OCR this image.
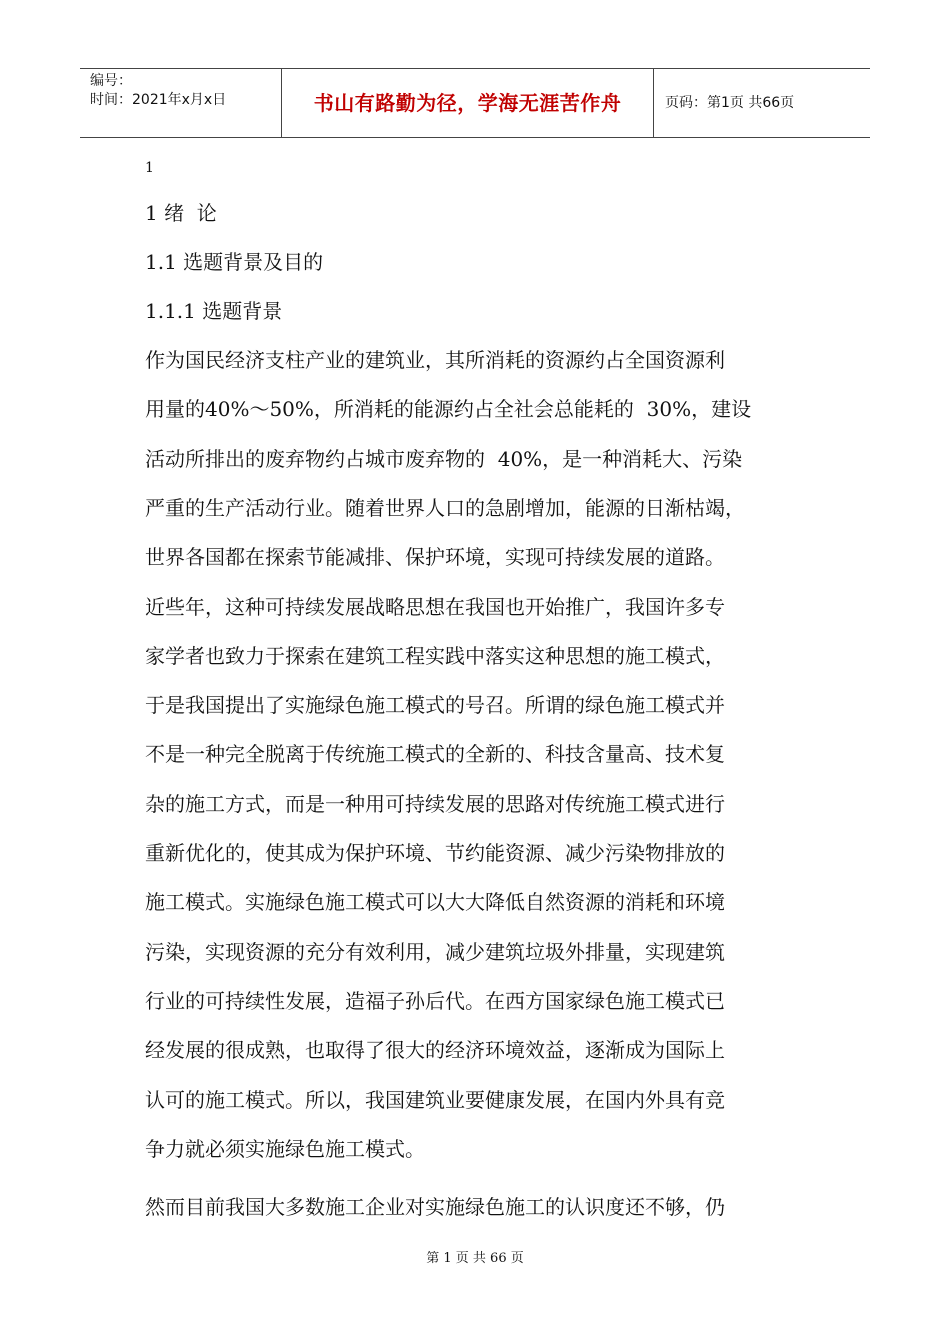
编号：
时间：2021年x月x日	书山有路勤为径，学海无涯苦作舟	页码：第1页 共66页
1
1 绪  论
1.1 选题背景及目的
1.1.1 选题背景
作为国民经济支柱产业的建筑业，其所消耗的资源约占全国资源利
用量的40%～50%，所消耗的能源约占全社会总能耗的  30%，建设
活动所排出的废弃物约占城市废弃物的  40%，是一种消耗大、污染
严重的生产活动行业。随着世界人口的急剧增加，能源的日渐枯竭，
世界各国都在探索节能减排、保护环境，实现可持续发展的道路。
近些年，这种可持续发展战略思想在我国也开始推广，我国许多专
家学者也致力于探索在建筑工程实践中落实这种思想的施工模式，
于是我国提出了实施绿色施工模式的号召。所谓的绿色施工模式并
不是一种完全脱离于传统施工模式的全新的、科技含量高、技术复
杂的施工方式，而是一种用可持续发展的思路对传统施工模式进行
重新优化的，使其成为保护环境、节约能资源、减少污染物排放的
施工模式。实施绿色施工模式可以大大降低自然资源的消耗和环境
污染，实现资源的充分有效利用，减少建筑垃圾外排量，实现建筑
行业的可持续性发展，造福子孙后代。在西方国家绿色施工模式已
经发展的很成熟，也取得了很大的经济环境效益，逐渐成为国际上
认可的施工模式。所以，我国建筑业要健康发展，在国内外具有竞
争力就必须实施绿色施工模式。
然而目前我国大多数施工企业对实施绿色施工的认识度还不够，仍
第 1 页 共 66 页
